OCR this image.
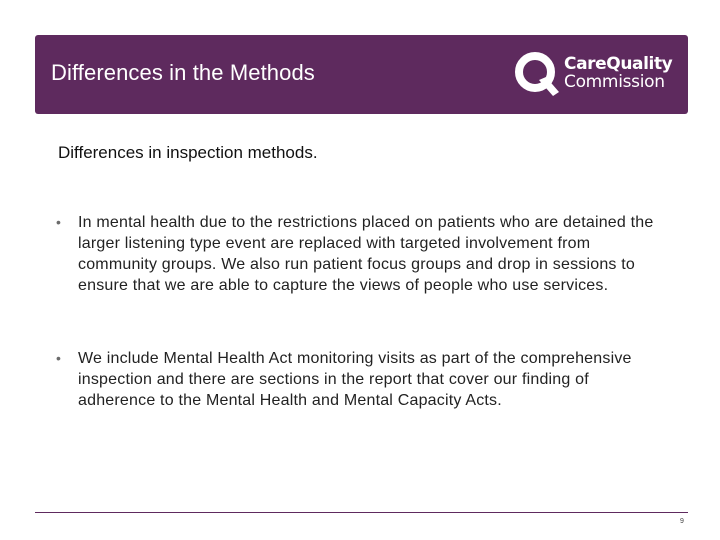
Differences in the Methods	CareQuality
Commission
Differences in inspection methods.
• In mental health due to the restrictions placed on patients who are detained the larger listening type event are replaced with targeted involvement from community groups. We also run patient focus groups and drop in sessions to ensure that we are able to capture the views of people who use services.
• We include Mental Health Act monitoring visits as part of the comprehensive inspection and there are sections in the report that cover our finding of adherence to the Mental Health and Mental Capacity Acts.
9
